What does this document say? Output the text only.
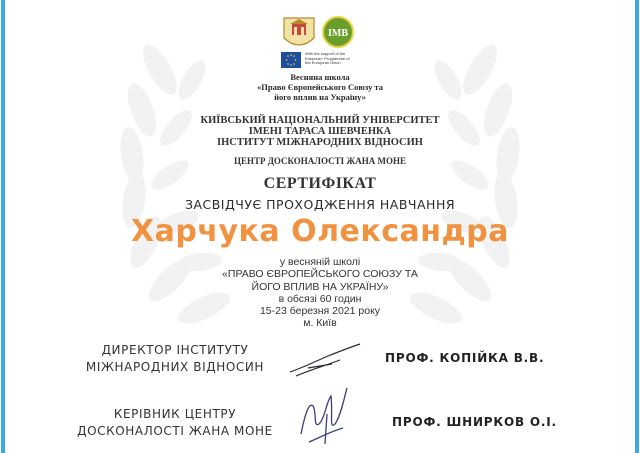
IMB
With the support of the Erasmus+ Programme of the European Union
Весняна школа
«Право Європейського Союзу та
його вплив на Україну»
КИЇВСЬКИЙ НАЦІОНАЛЬНИЙ УНІВЕРСИТЕТ
ІМЕНІ ТАРАСА ШЕВЧЕНКА
ІНСТИТУТ МІЖНАРОДНИХ ВІДНОСИН
ЦЕНТР ДОСКОНАЛОСТІ ЖАНА МОНЕ
СЕРТИФІКАТ
ЗАСВІДЧУЄ ПРОХОДЖЕННЯ НАВЧАННЯ
Харчука Олександра
у весняній школі
«ПРАВО ЄВРОПЕЙСЬКОГО СОЮЗУ ТА
ЙОГО ВПЛИВ НА УКРАЇНУ»
в обсязі 60 годин
15-23 березня 2021 року
м. Київ
ДИРЕКТОР ІНСТИТУТУ
МІЖНАРОДНИХ ВІДНОСИН
ПРОФ. КОПІЙКА В.В.
КЕРІВНИК ЦЕНТРУ
ДОСКОНАЛОСТІ ЖАНА МОНЕ
ПРОФ. ШНИРКОВ О.І.
